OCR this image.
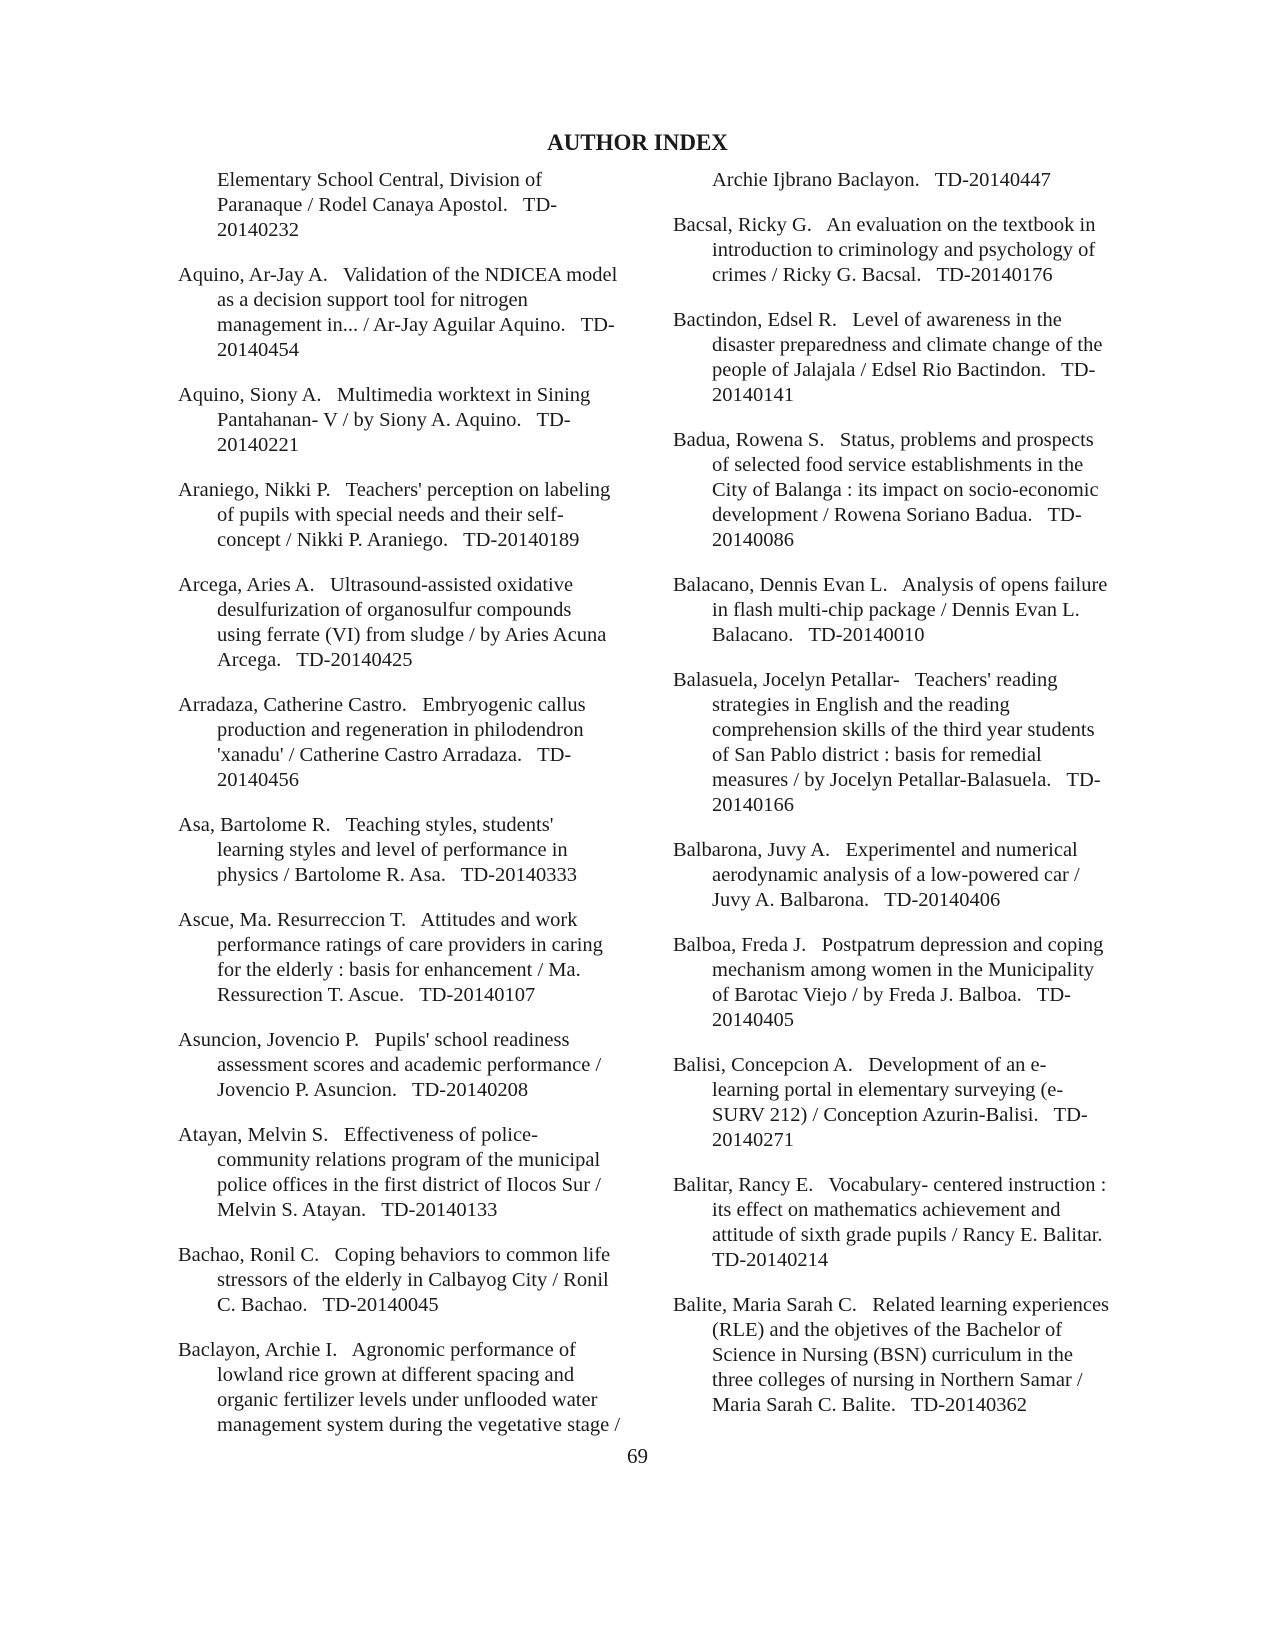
AUTHOR INDEX
Elementary School Central, Division of
Paranaque / Rodel Canaya Apostol.   TD-
20140232
Aquino, Ar-Jay A.   Validation of the NDICEA model
as a decision support tool for nitrogen
management in... / Ar-Jay Aguilar Aquino.   TD-
20140454
Aquino, Siony A.   Multimedia worktext in Sining
Pantahanan- V / by Siony A. Aquino.   TD-
20140221
Araniego, Nikki P.   Teachers' perception on labeling
of pupils with special needs and their self-
concept / Nikki P. Araniego.   TD-20140189
Arcega, Aries A.   Ultrasound-assisted oxidative
desulfurization of organosulfur compounds
using ferrate (VI) from sludge / by Aries Acuna
Arcega.   TD-20140425
Arradaza, Catherine Castro.   Embryogenic callus
production and regeneration in philodendron
'xanadu' / Catherine Castro Arradaza.   TD-
20140456
Asa, Bartolome R.   Teaching styles, students'
learning styles and level of performance in
physics / Bartolome R. Asa.   TD-20140333
Ascue, Ma. Resurreccion T.   Attitudes and work
performance ratings of care providers in caring
for the elderly : basis for enhancement / Ma.
Ressurection T. Ascue.   TD-20140107
Asuncion, Jovencio P.   Pupils' school readiness
assessment scores and academic performance /
Jovencio P. Asuncion.   TD-20140208
Atayan, Melvin S.   Effectiveness of police-
community relations program of the municipal
police offices in the first district of Ilocos Sur /
Melvin S. Atayan.   TD-20140133
Bachao, Ronil C.   Coping behaviors to common life
stressors of the elderly in Calbayog City / Ronil
C. Bachao.   TD-20140045
Baclayon, Archie I.   Agronomic performance of
lowland rice grown at different spacing and
organic fertilizer levels under unflooded water
management system during the vegetative stage /
Archie Ijbrano Baclayon.   TD-20140447
Bacsal, Ricky G.   An evaluation on the textbook in
introduction to criminology and psychology of
crimes / Ricky G. Bacsal.   TD-20140176
Bactindon, Edsel R.   Level of awareness in the
disaster preparedness and climate change of the
people of Jalajala / Edsel Rio Bactindon.   TD-
20140141
Badua, Rowena S.   Status, problems and prospects
of selected food service establishments in the
City of Balanga : its impact on socio-economic
development / Rowena Soriano Badua.   TD-
20140086
Balacano, Dennis Evan L.   Analysis of opens failure
in flash multi-chip package / Dennis Evan L.
Balacano.   TD-20140010
Balasuela, Jocelyn Petallar-   Teachers' reading
strategies in English and the reading
comprehension skills of the third year students
of San Pablo district : basis for remedial
measures / by Jocelyn Petallar-Balasuela.   TD-
20140166
Balbarona, Juvy A.   Experimentel and numerical
aerodynamic analysis of a low-powered car /
Juvy A. Balbarona.   TD-20140406
Balboa, Freda J.   Postpatrum depression and coping
mechanism among women in the Municipality
of Barotac Viejo / by Freda J. Balboa.   TD-
20140405
Balisi, Concepcion A.   Development of an e-
learning portal in elementary surveying (e-
SURV 212) / Conception Azurin-Balisi.   TD-
20140271
Balitar, Rancy E.   Vocabulary- centered instruction :
its effect on mathematics achievement and
attitude of sixth grade pupils / Rancy E. Balitar.
TD-20140214
Balite, Maria Sarah C.   Related learning experiences
(RLE) and the objetives of the Bachelor of
Science in Nursing (BSN) curriculum in the
three colleges of nursing in Northern Samar /
Maria Sarah C. Balite.   TD-20140362
69
